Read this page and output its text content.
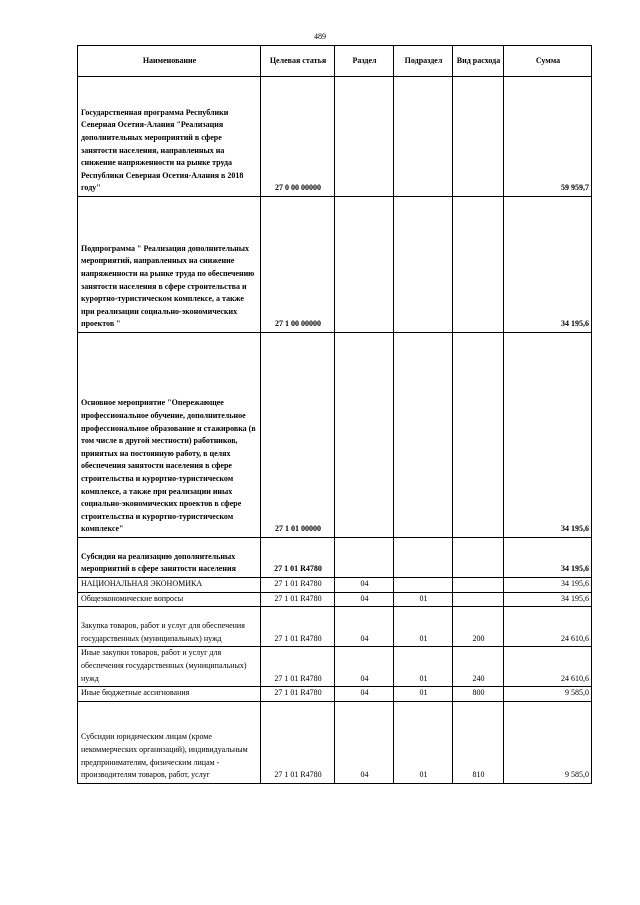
489
Наименование	Целевая статья	Раздел	Подраздел	Вид расхода	Сумма
Государственная программа Республики Северная Осетия-Алания "Реализация дополнительных мероприятий в сфере занятости населения, направленных на снижение напряженности на рынке труда Республики Северная Осетия-Алания в 2018 году"	27 0 00 00000				59 959,7
Подпрограмма " Реализация дополнительных мероприятий, направленных на снижение напряженности на рынке труда по обеспечению занятости населения в сфере строительства и курортно-туристическом комплексе, а также при реализации социально-экономических проектов "	27 1 00 00000				34 195,6
Основное мероприятие "Опережающее профессиональное обучение, дополнительное профессиональное образование и стажировка (в том числе в другой местности) работников, принятых на постоянную работу, в целях обеспечения занятости населения в сфере строительства и курортно-туристическом комплексе, а также при реализации иных социально-экономических проектов в сфере строительства и курортно-туристическом комплексе"	27 1 01 00000				34 195,6
Субсидия на реализацию дополнительных мероприятий в сфере занятости населения	27 1 01 R4780				34 195,6
НАЦИОНАЛЬНАЯ ЭКОНОМИКА	27 1 01 R4780	04			34 195,6
Общеэкономические вопросы	27 1 01 R4780	04	01		34 195,6
Закупка товаров, работ и услуг для обеспечения государственных (муниципальных) нужд	27 1 01 R4780	04	01	200	24 610,6
Иные закупки товаров, работ и услуг для обеспечения государственных (муниципальных) нужд	27 1 01 R4780	04	01	240	24 610,6
Иные бюджетные ассигнования	27 1 01 R4780	04	01	800	9 585,0
Субсидии юридическим лицам (кроме некоммерческих организаций), индивидуальным предпринимателям, физическим лицам - производителям товаров, работ, услуг	27 1 01 R4780	04	01	810	9 585,0
